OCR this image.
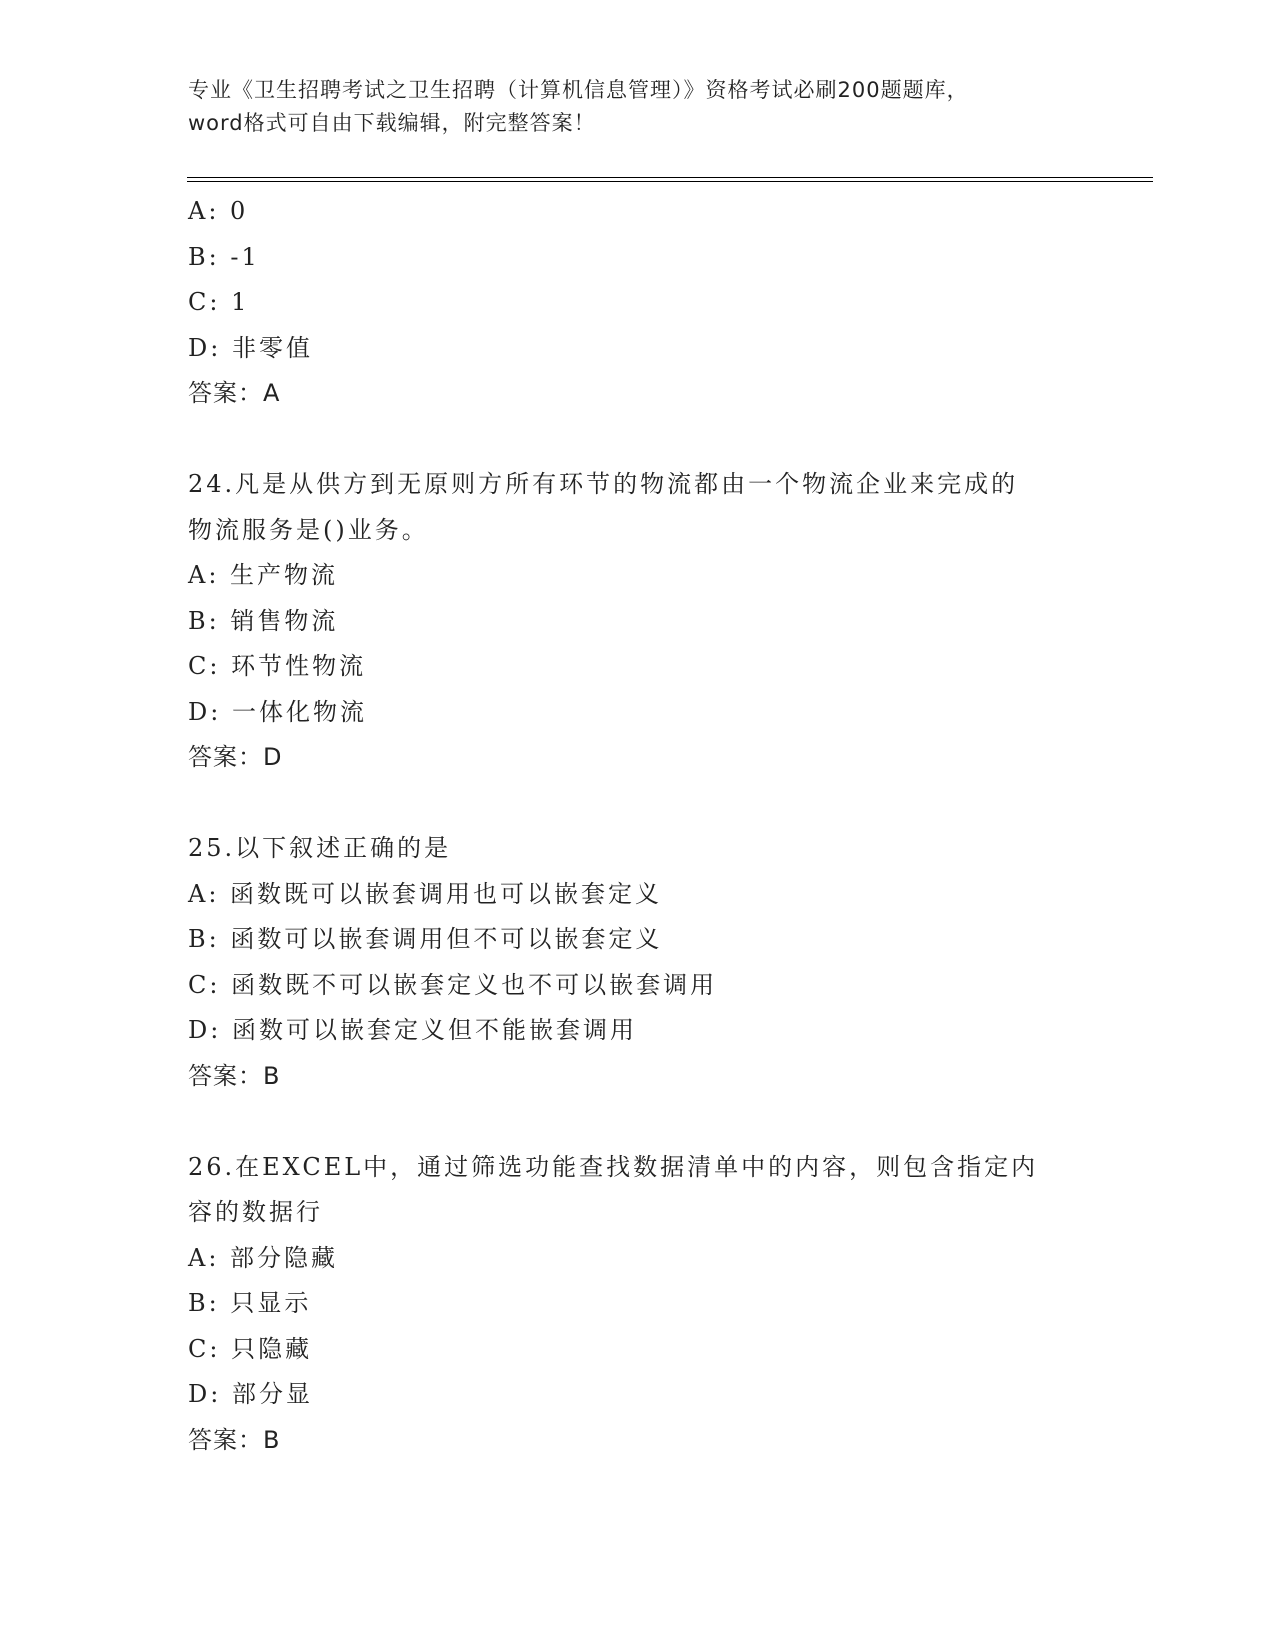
专业《卫生招聘考试之卫生招聘（计算机信息管理）》资格考试必刷200题题库，
word格式可自由下载编辑，附完整答案！
A: 0
B: -1
C: 1
D: 非零值
答案：A
24.凡是从供方到无原则方所有环节的物流都由一个物流企业来完成的
物流服务是()业务。
A: 生产物流
B: 销售物流
C: 环节性物流
D: 一体化物流
答案：D
25.以下叙述正确的是
A: 函数既可以嵌套调用也可以嵌套定义
B: 函数可以嵌套调用但不可以嵌套定义
C: 函数既不可以嵌套定义也不可以嵌套调用
D: 函数可以嵌套定义但不能嵌套调用
答案：B
26.在EXCEL中，通过筛选功能查找数据清单中的内容，则包含指定内
容的数据行
A: 部分隐藏
B: 只显示
C: 只隐藏
D: 部分显
答案：B
